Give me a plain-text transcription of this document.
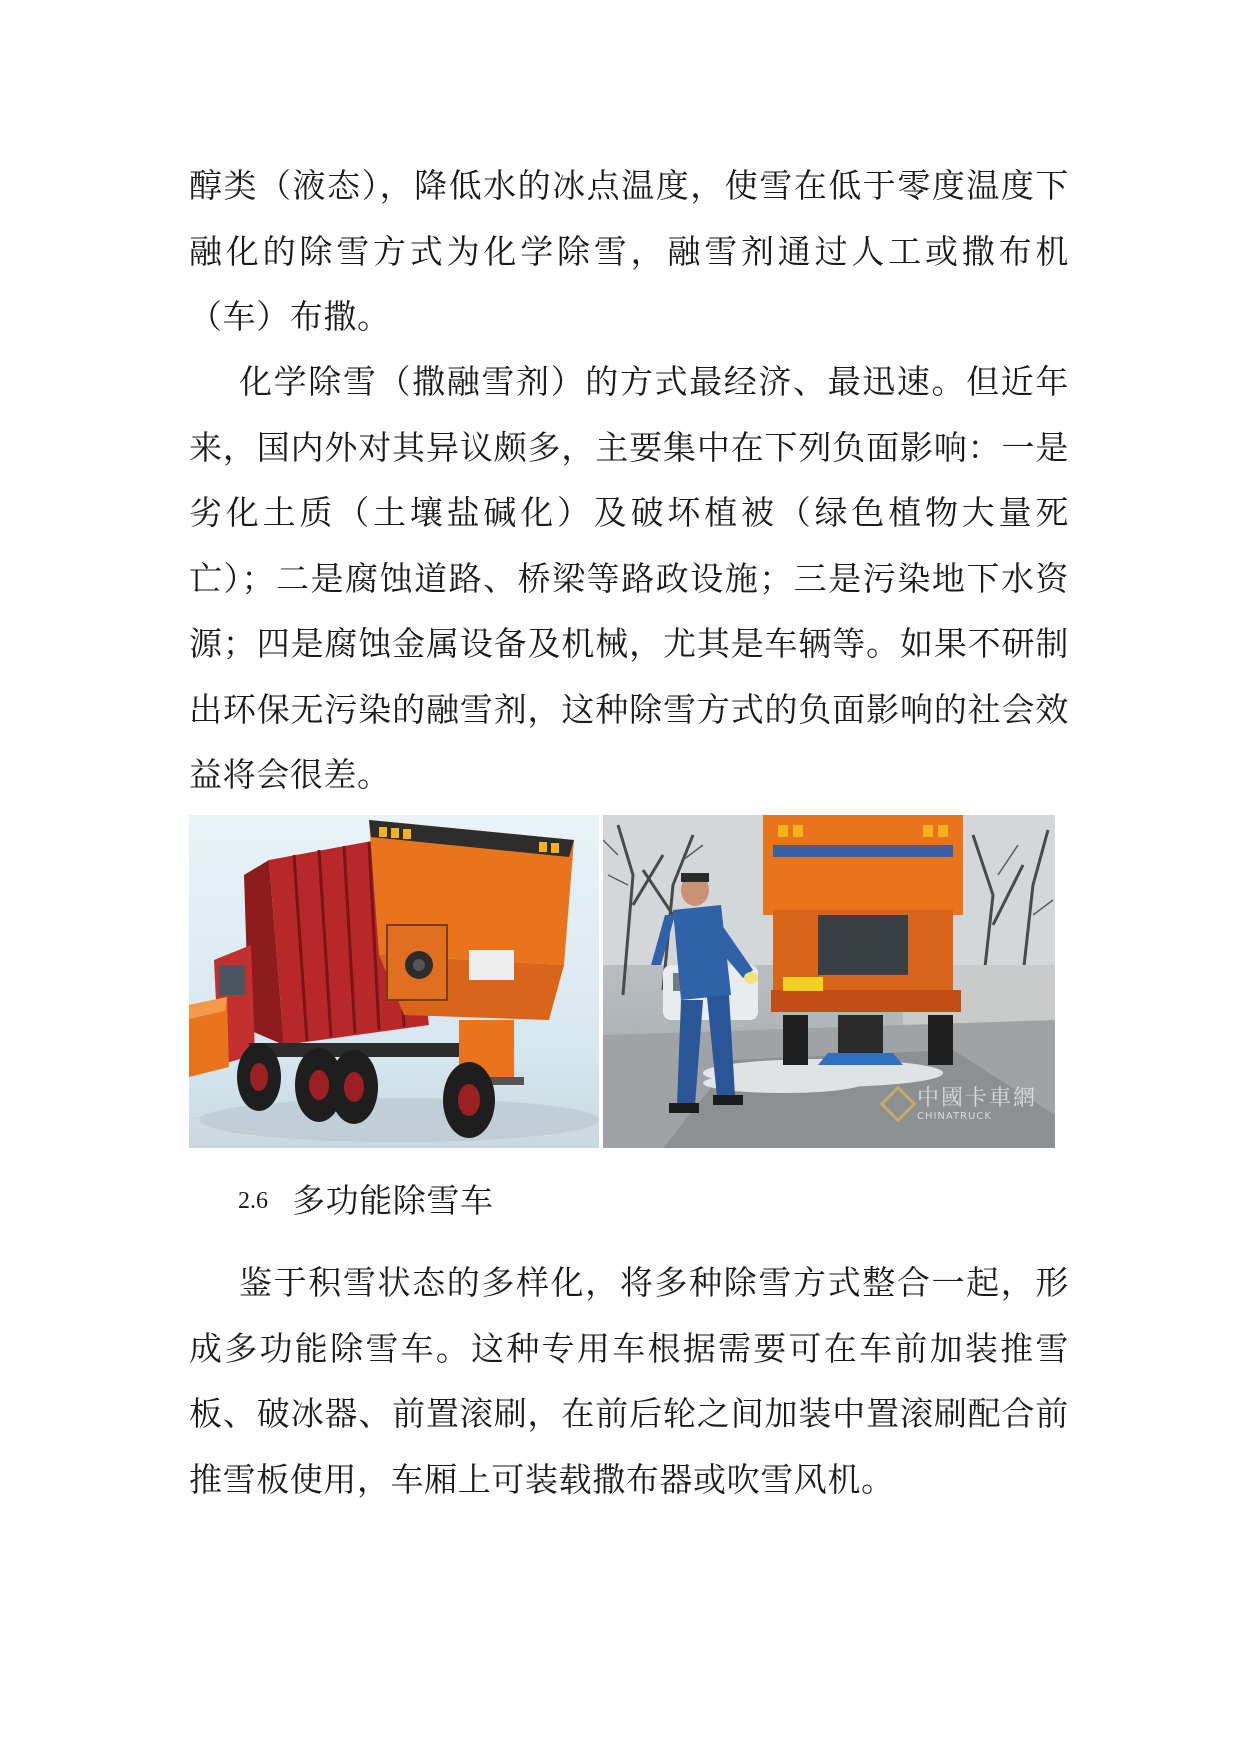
醇类（液态），降低水的冰点温度，使雪在低于零度温度下融化的除雪方式为化学除雪，融雪剂通过人工或撒布机（车）布撒。

化学除雪（撒融雪剂）的方式最经济、最迅速。但近年来，国内外对其异议颇多，主要集中在下列负面影响：一是劣化土质（土壤盐碱化）及破坏植被（绿色植物大量死亡）；二是腐蚀道路、桥梁等路政设施；三是污染地下水资源；四是腐蚀金属设备及机械，尤其是车辆等。如果不研制出环保无污染的融雪剂，这种除雪方式的负面影响的社会效益将会很差。

中國卡車網
CHINATRUCK
2.6 多功能除雪车

鉴于积雪状态的多样化，将多种除雪方式整合一起，形成多功能除雪车。这种专用车根据需要可在车前加装推雪板、破冰器、前置滚刷，在前后轮之间加装中置滚刷配合前推雪板使用，车厢上可装载撒布器或吹雪风机。
